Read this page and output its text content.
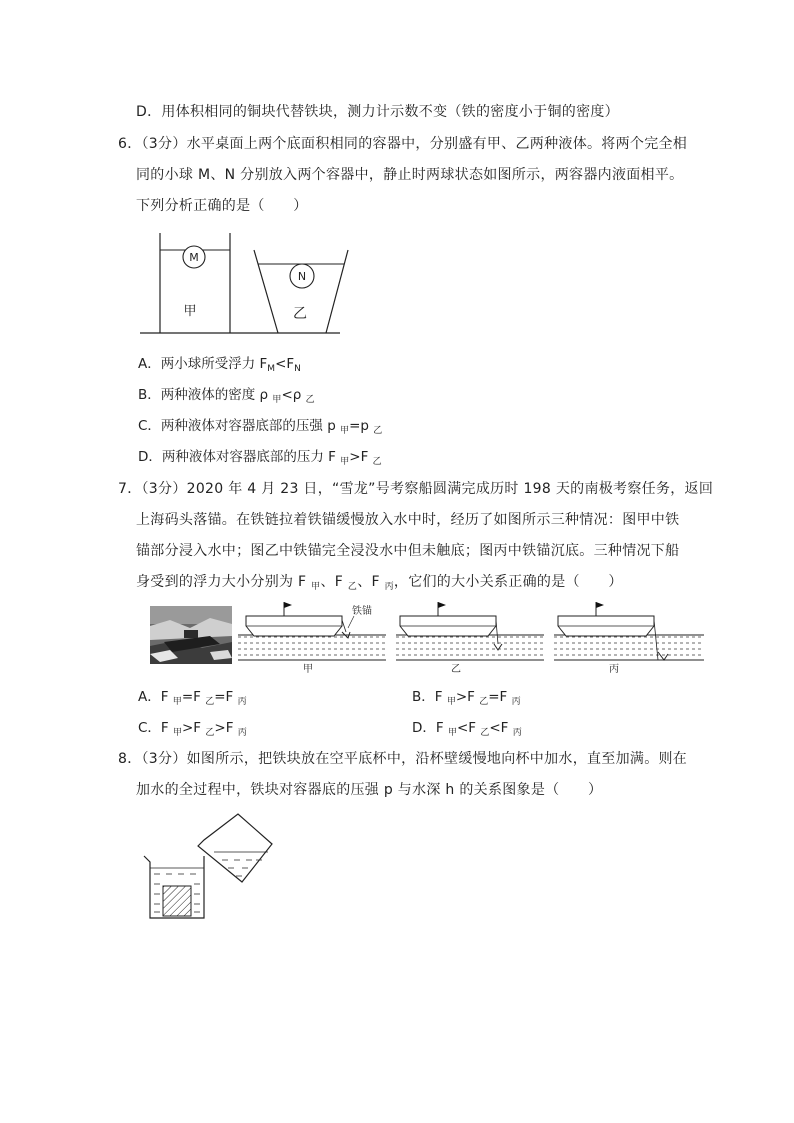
D．用体积相同的铜块代替铁块，测力计示数不变（铁的密度小于铜的密度）
6．（3分）水平桌面上两个底面积相同的容器中，分别盛有甲、乙两种液体。将两个完全相
同的小球 M、N 分别放入两个容器中，静止时两球状态如图所示，两容器内液面相平。
下列分析正确的是（　　）
M
甲
N
乙
A．两小球所受浮力 $F_M<F_N$
B．两种液体的密度 ρ $_甲$<ρ $_乙$
C．两种液体对容器底部的压强 p $_甲$=p $_乙$
D．两种液体对容器底部的压力 F $_甲$>F $_乙$
7．（3分）2020 年 4 月 23 日，“雪龙”号考察船圆满完成历时 198 天的南极考察任务，返回
上海码头落锚。在铁链拉着铁锚缓慢放入水中时，经历了如图所示三种情况：图甲中铁
锚部分浸入水中；图乙中铁锚完全浸没水中但未触底；图丙中铁锚沉底。三种情况下船
身受到的浮力大小分别为 F $_甲$、F $_乙$、F $_丙$，它们的大小关系正确的是（　　）
铁锚
甲	乙	丙
A．F $_甲$=F $_乙$=F $_丙$	B．F $_甲$>F $_乙$=F $_丙$
C．F $_甲$>F $_乙$>F $_丙$	D．F $_甲$<F $_乙$<F $_丙$
8．（3分）如图所示，把铁块放在空平底杯中，沿杯壁缓慢地向杯中加水，直至加满。则在
加水的全过程中，铁块对容器底的压强 p 与水深 h 的关系图象是（　　）
